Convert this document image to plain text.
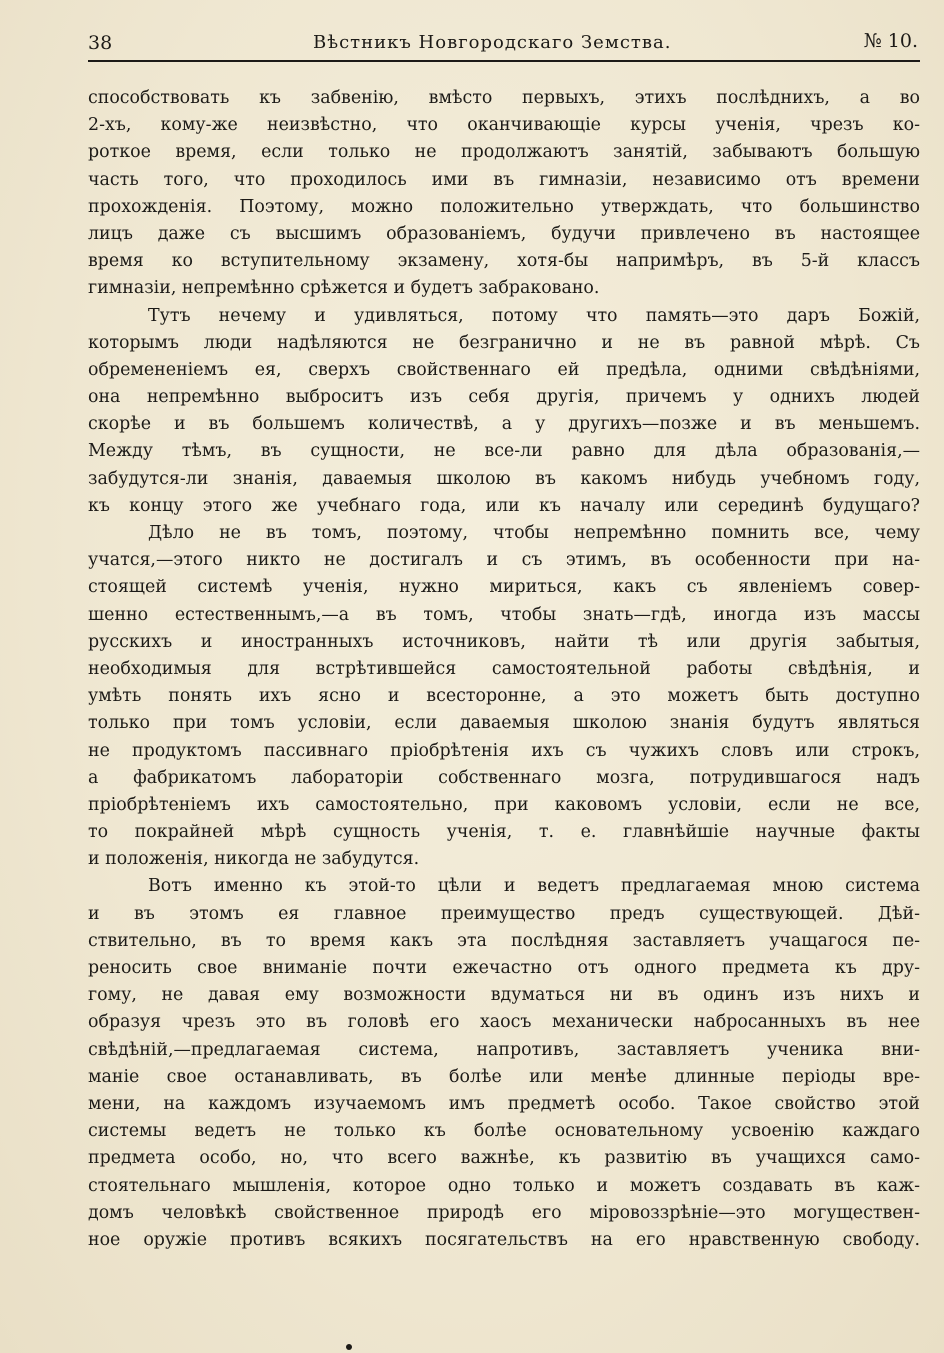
38	Вѣстникъ Новгородскаго Земства.	№ 10.
способствовать къ забвенію, вмѣсто первыхъ, этихъ послѣднихъ, а во
2-хъ, кому-же неизвѣстно, что оканчивающіе курсы ученія, чрезъ ко-
роткое время, если только не продолжаютъ занятій, забываютъ большую
часть того, что проходилось ими въ гимназіи, независимо отъ времени
прохожденія. Поэтому, можно положительно утверждать, что большинство
лицъ даже съ высшимъ образованіемъ, будучи привлечено въ настоящее
время ко вступительному экзамену, хотя-бы напримѣръ, въ 5-й классъ
гимназіи, непремѣнно срѣжется и будетъ забраковано.
Тутъ нечему и удивляться, потому что память—это даръ Божій,
которымъ люди надѣляются не безгранично и не въ равной мѣрѣ. Съ
обремененіемъ ея, сверхъ свойственнаго ей предѣла, одними свѣдѣніями,
она непремѣнно выброситъ изъ себя другія, причемъ у однихъ людей
скорѣе и въ большемъ количествѣ, а у другихъ—позже и въ меньшемъ.
Между тѣмъ, въ сущности, не все-ли равно для дѣла образованія,—
забудутся-ли знанія, даваемыя школою въ какомъ нибудь учебномъ году,
къ концу этого же учебнаго года, или къ началу или серединѣ будущаго?
Дѣло не въ томъ, поэтому, чтобы непремѣнно помнить все, чему
учатся,—этого никто не достигалъ и съ этимъ, въ особенности при на-
стоящей системѣ ученія, нужно мириться, какъ съ явленіемъ совер-
шенно естественнымъ,—а въ томъ, чтобы знать—гдѣ, иногда изъ массы
русскихъ и иностранныхъ источниковъ, найти тѣ или другія забытыя,
необходимыя для встрѣтившейся самостоятельной работы свѣдѣнія, и
умѣть понять ихъ ясно и всесторонне, а это можетъ быть доступно
только при томъ условіи, если даваемыя школою знанія будутъ являться
не продуктомъ пассивнаго пріобрѣтенія ихъ съ чужихъ словъ или строкъ,
а фабрикатомъ лабораторіи собственнаго мозга, потрудившагося надъ
пріобрѣтеніемъ ихъ самостоятельно, при каковомъ условіи, если не все,
то покрайней мѣрѣ сущность ученія, т. е. главнѣйшіе научные факты
и положенія, никогда не забудутся.
Вотъ именно къ этой-то цѣли и ведетъ предлагаемая мною система
и въ этомъ ея главное преимущество предъ существующей. Дѣй-
ствительно, въ то время какъ эта послѣдняя заставляетъ учащагося пе-
реносить свое вниманіе почти ежечастно отъ одного предмета къ дру-
гому, не давая ему возможности вдуматься ни въ одинъ изъ нихъ и
образуя чрезъ это въ головѣ его хаосъ механически набросанныхъ въ нее
свѣдѣній,—предлагаемая система, напротивъ, заставляетъ ученика вни-
маніе свое останавливать, въ болѣе или менѣе длинные періоды вре-
мени, на каждомъ изучаемомъ имъ предметѣ особо. Такое свойство этой
системы ведетъ не только къ болѣе основательному усвоенію каждаго
предмета особо, но, что всего важнѣе, къ развитію въ учащихся само-
стоятельнаго мышленія, которое одно только и можетъ создавать въ каж-
домъ человѣкѣ свойственное природѣ его міровоззрѣніе—это могуществен-
ное оружіе противъ всякихъ посягательствъ на его нравственную свободу.
